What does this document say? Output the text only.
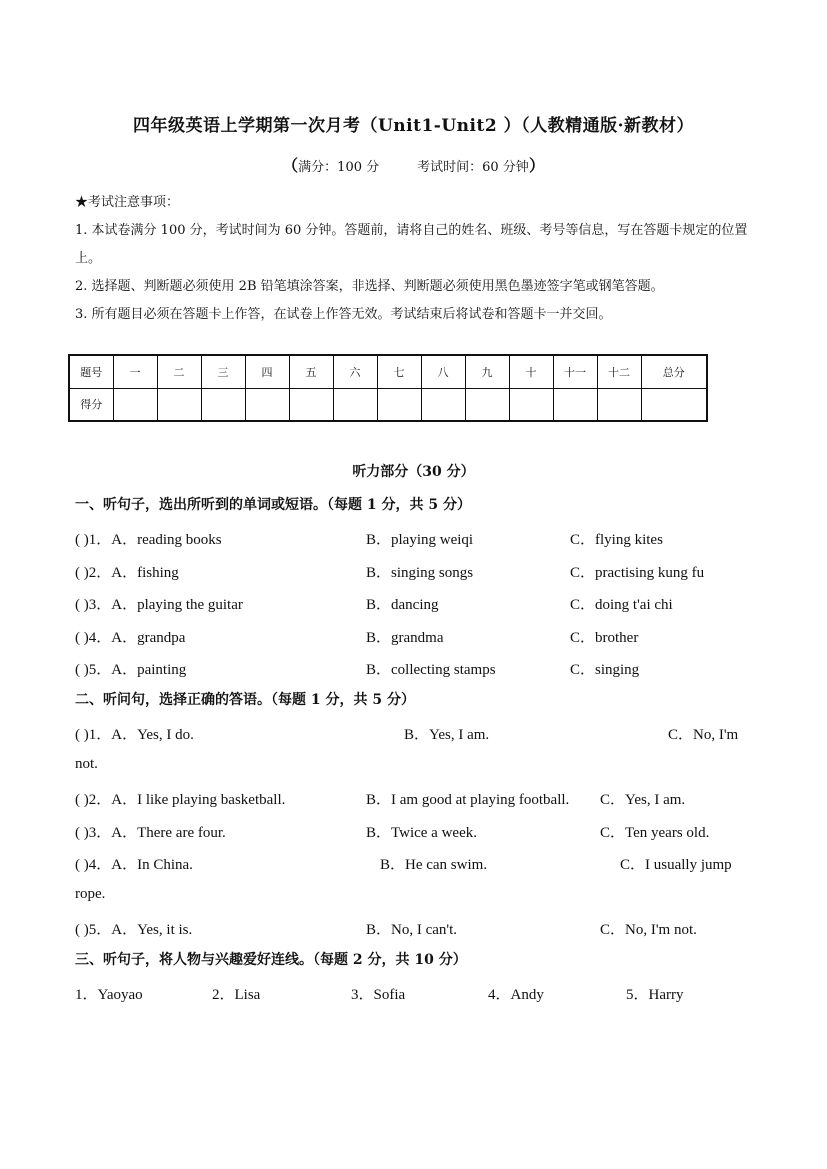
四年级英语上学期第一次月考（Unit1-Unit2 ）（人教精通版·新教材）
（满分：100 分	考试时间：60 分钟）
★考试注意事项：
1. 本试卷满分 100 分，考试时间为 60 分钟。答题前，请将自己的姓名、班级、考号等信息，写在答题卡规定的位置上。
2. 选择题、判断题必须使用 2B 铅笔填涂答案，非选择、判断题必须使用黑色墨迹签字笔或钢笔答题。
3. 所有题目必须在答题卡上作答，在试卷上作答无效。考试结束后将试卷和答题卡一并交回。
题号	一	二	三	四	五	六	七	八	九	十	十一	十二	总分
得分													
听力部分（30 分）
一、听句子，选出所听到的单词或短语。（每题 1 分，共 5 分）
( )1．A．reading books	B．playing weiqi	C．flying kites
( )2．A．fishing	B．singing songs	C．practising kung fu
( )3．A．playing the guitar	B．dancing	C．doing t'ai chi
( )4．A．grandpa	B．grandma	C．brother
( )5．A．painting	B．collecting stamps	C．singing
二、听问句，选择正确的答语。（每题 1 分，共 5 分）
( )1．A．Yes, I do.	B．Yes, I am.	C．No, I'm
not.
( )2．A．I like playing basketball.	B．I am good at playing football. C．Yes, I am.
( )3．A．There are four.	B．Twice a week.	C．Ten years old.
( )4．A．In China.	B．He can swim.	C．I usually jump
rope.
( )5．A．Yes, it is.	B．No, I can't.	C．No, I'm not.
三、听句子，将人物与兴趣爱好连线。（每题 2 分，共 10 分）
1．Yaoyao	2．Lisa	3．Sofia	4．Andy	5．Harry
